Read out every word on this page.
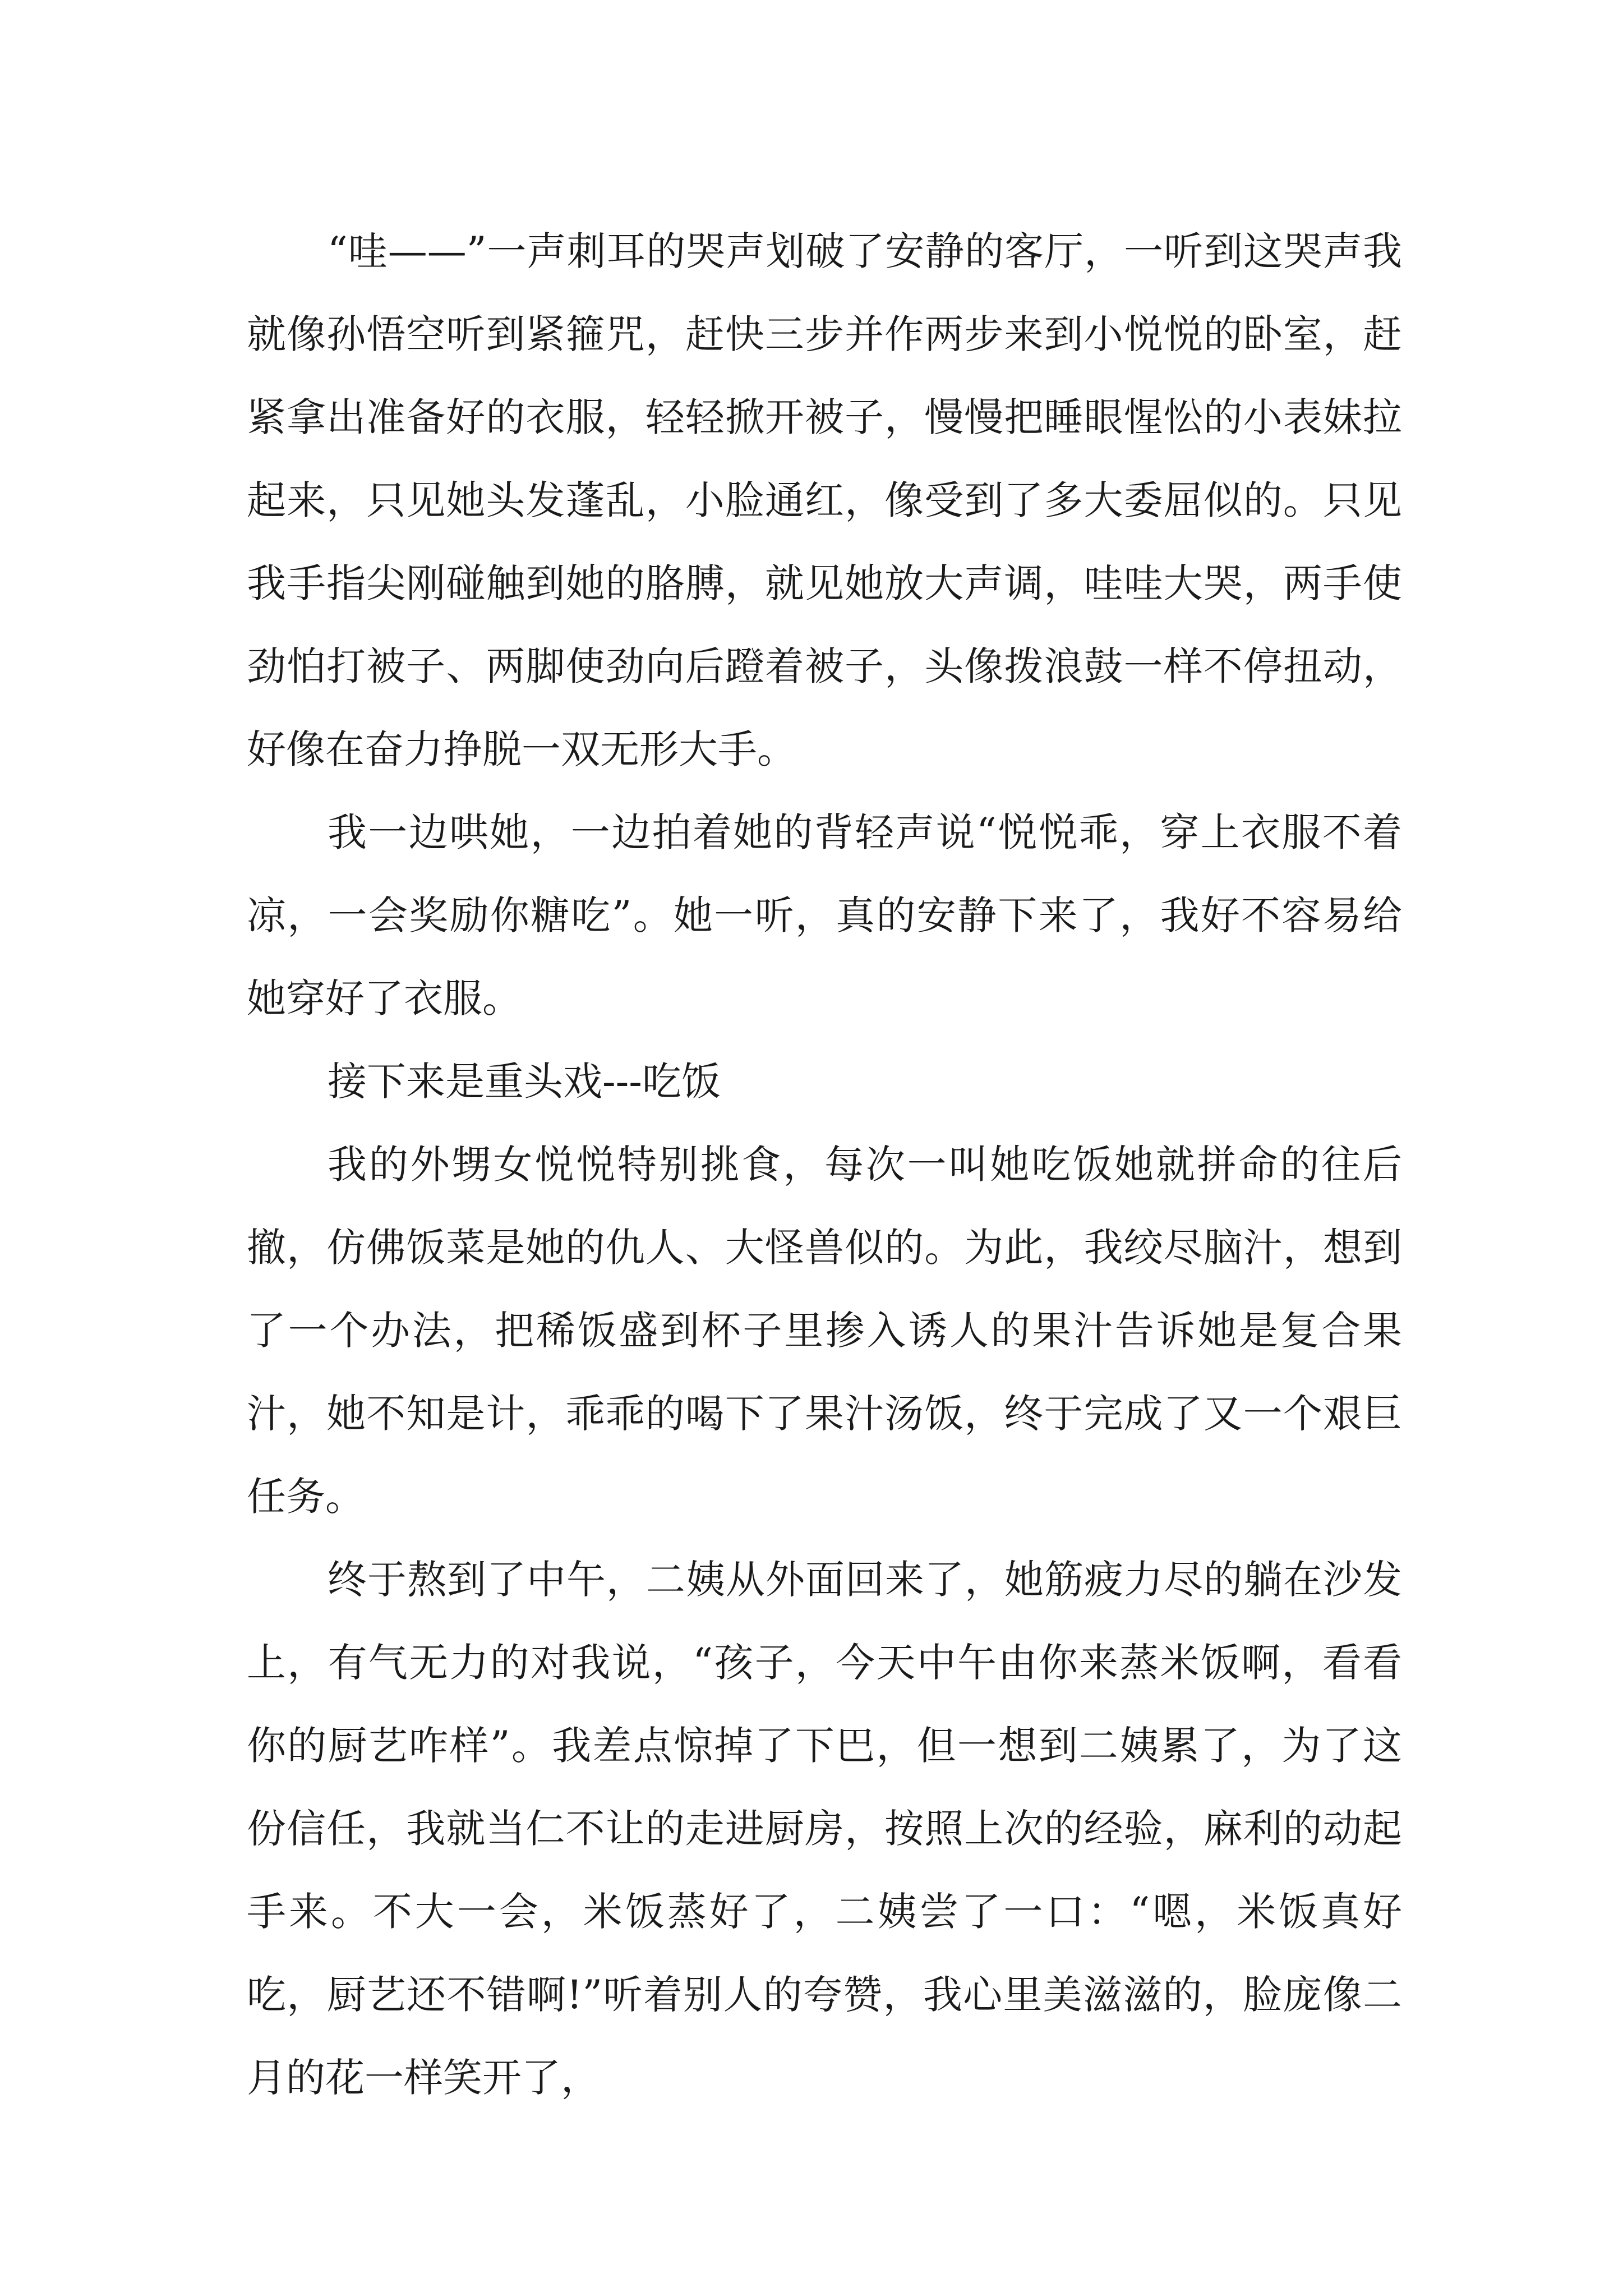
“哇——”一声刺耳的哭声划破了安静的客厅，一听到这哭声我就像孙悟空听到紧箍咒，赶快三步并作两步来到小悦悦的卧室，赶紧拿出准备好的衣服，轻轻掀开被子，慢慢把睡眼惺忪的小表妹拉起来，只见她头发蓬乱，小脸通红，像受到了多大委屈似的。只见我手指尖刚碰触到她的胳膊，就见她放大声调，哇哇大哭，两手使劲怕打被子、两脚使劲向后蹬着被子，头像拨浪鼓一样不停扭动，好像在奋力挣脱一双无形大手。

我一边哄她，一边拍着她的背轻声说“悦悦乖，穿上衣服不着凉，一会奖励你糖吃”。她一听，真的安静下来了，我好不容易给她穿好了衣服。

接下来是重头戏---吃饭

我的外甥女悦悦特别挑食，每次一叫她吃饭她就拼命的往后撤，仿佛饭菜是她的仇人、大怪兽似的。为此，我绞尽脑汁，想到了一个办法，把稀饭盛到杯子里掺入诱人的果汁告诉她是复合果汁，她不知是计，乖乖的喝下了果汁汤饭，终于完成了又一个艰巨任务。

终于熬到了中午，二姨从外面回来了，她筋疲力尽的躺在沙发上，有气无力的对我说，“孩子，今天中午由你来蒸米饭啊，看看你的厨艺咋样”。我差点惊掉了下巴，但一想到二姨累了，为了这份信任，我就当仁不让的走进厨房，按照上次的经验，麻利的动起手来。不大一会，米饭蒸好了，二姨尝了一口：“嗯，米饭真好吃，厨艺还不错啊!”听着别人的夸赞，我心里美滋滋的，脸庞像二月的花一样笑开了，
